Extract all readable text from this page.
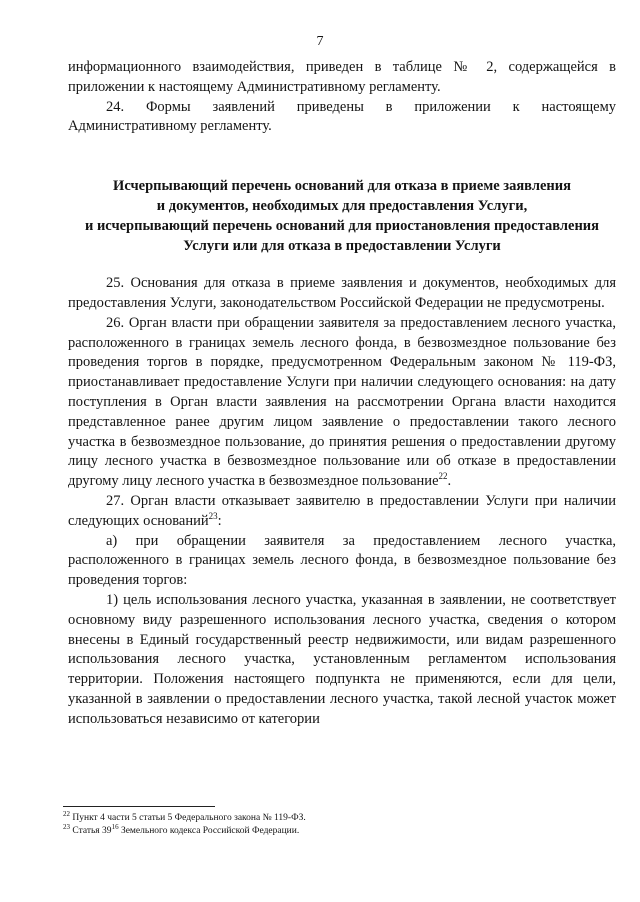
7

информационного взаимодействия, приведен в таблице № 2, содержащейся в приложении к настоящему Административному регламенту.

24. Формы заявлений приведены в приложении к настоящему Административному регламенту.

Исчерпывающий перечень оснований для отказа в приеме заявления
и документов, необходимых для предоставления Услуги,
и исчерпывающий перечень оснований для приостановления предоставления
Услуги или для отказа в предоставлении Услуги

25. Основания для отказа в приеме заявления и документов, необходимых для предоставления Услуги, законодательством Российской Федерации не предусмотрены.

26. Орган власти при обращении заявителя за предоставлением лесного участка, расположенного в границах земель лесного фонда, в безвозмездное пользование без проведения торгов в порядке, предусмотренном Федеральным законом № 119-ФЗ, приостанавливает предоставление Услуги при наличии следующего основания: на дату поступления в Орган власти заявления на рассмотрении Органа власти находится представленное ранее другим лицом заявление о предоставлении такого лесного участка в безвозмездное пользование, до принятия решения о предоставлении другому лицу лесного участка в безвозмездное пользование или об отказе в предоставлении другому лицу лесного участка в безвозмездное пользование$^{22}$.

27. Орган власти отказывает заявителю в предоставлении Услуги при наличии следующих оснований$^{23}$:

а) при обращении заявителя за предоставлением лесного участка, расположенного в границах земель лесного фонда, в безвозмездное пользование без проведения торгов:

1) цель использования лесного участка, указанная в заявлении, не соответствует основному виду разрешенного использования лесного участка, сведения о котором внесены в Единый государственный реестр недвижимости, или видам разрешенного использования лесного участка, установленным регламентом использования территории. Положения настоящего подпункта не применяются, если для цели, указанной в заявлении о предоставлении лесного участка, такой лесной участок может использоваться независимо от категории

$^{22}$ Пункт 4 части 5 статьи 5 Федерального закона № 119-ФЗ.
$^{23}$ Статья $39^{16}$ Земельного кодекса Российской Федерации.
